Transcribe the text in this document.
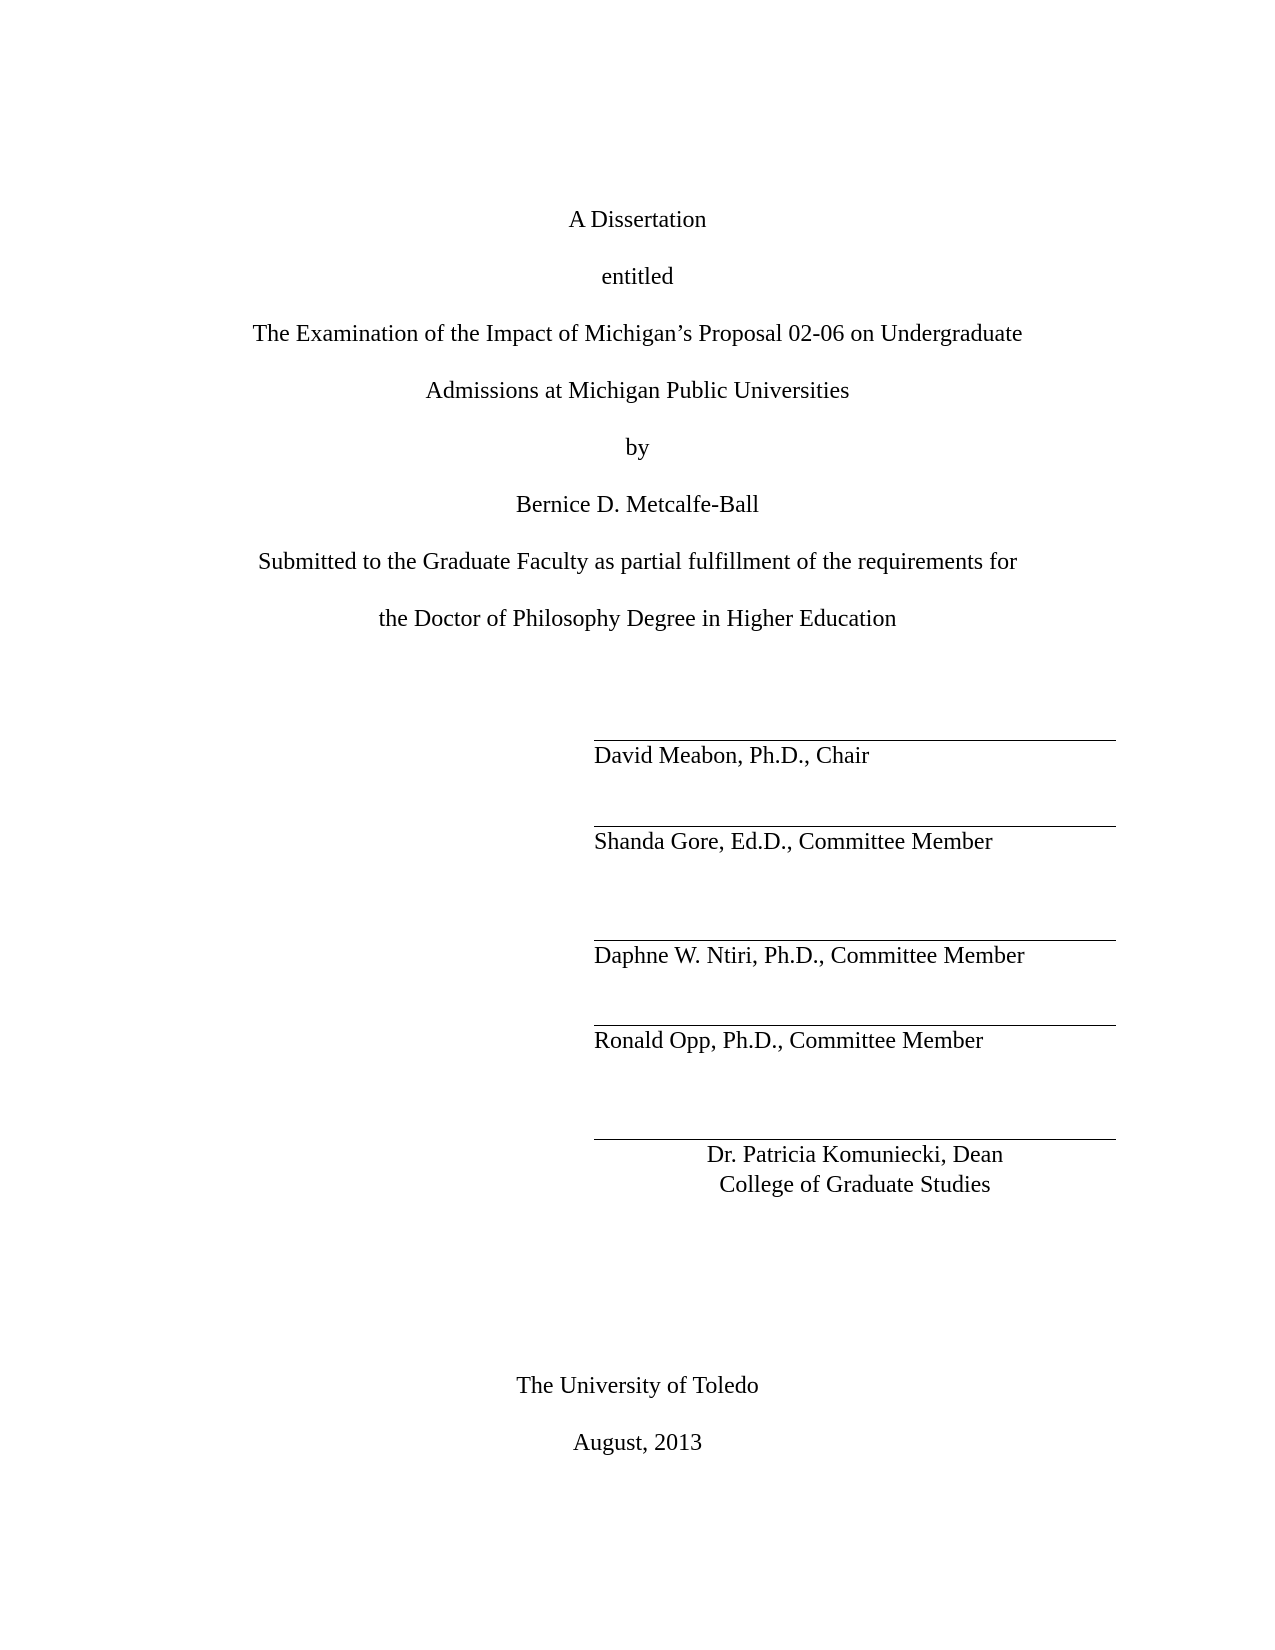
A Dissertation
entitled
The Examination of the Impact of Michigan’s Proposal 02-06 on Undergraduate
Admissions at Michigan Public Universities
by
Bernice D. Metcalfe-Ball
Submitted to the Graduate Faculty as partial fulfillment of the requirements for
the Doctor of Philosophy Degree in Higher Education
David Meabon, Ph.D., Chair
Shanda Gore, Ed.D., Committee Member
Daphne W. Ntiri, Ph.D., Committee Member
Ronald Opp, Ph.D., Committee Member
Dr. Patricia Komuniecki, Dean
College of Graduate Studies
The University of Toledo
August, 2013
